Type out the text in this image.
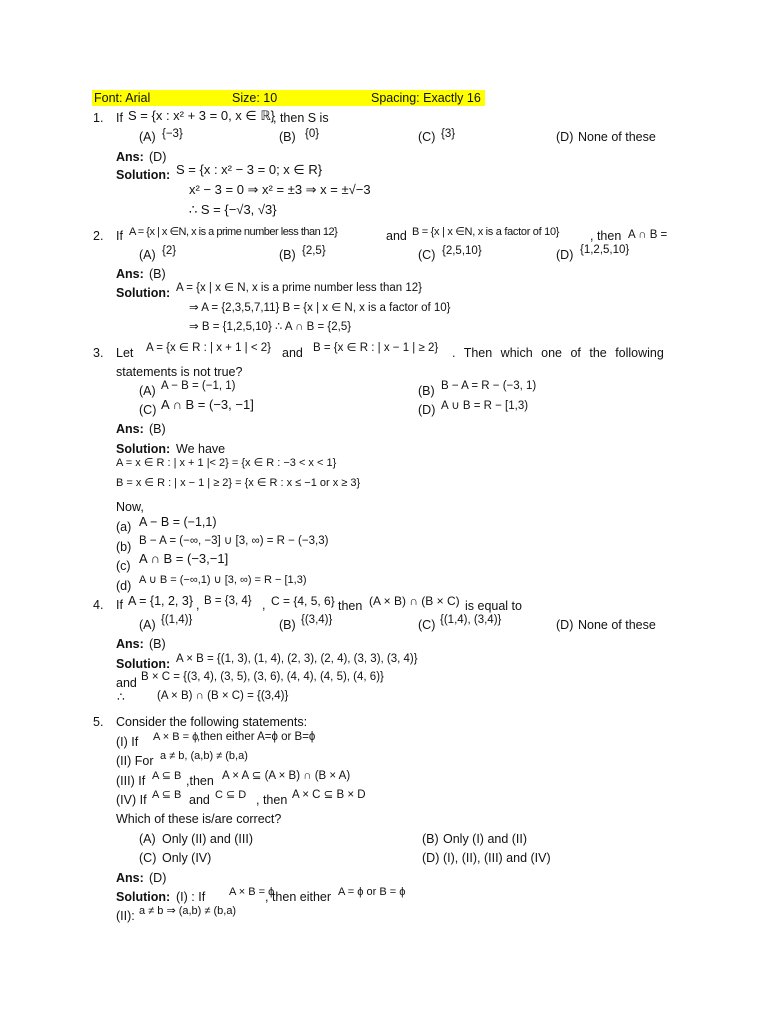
Font: Arial	Size: 10	Spacing: Exactly 16
1. If S = {x : x² + 3 = 0, x ∈ ℝ}
, then S is
(A) {−3}	(B) {0}	(C) {3}	(D) None of these
Ans: (D)
Solution: S = {x : x² − 3 = 0; x ∈ R}
x² − 3 = 0 ⇒ x² = ±3 ⇒ x = ±√−3
∴ S = {−√3, √3}
2. If A = {x | x ∈N, x is a prime number less than 12}	and B = {x | x ∈N, x is a factor of 10} , then A ∩ B =
(A) {2}	(B) {2,5}	(C) {2,5,10}	(D) {1,2,5,10}
Ans: (B)
Solution: A = {x | x ∈ N, x is a prime number less than 12}
⇒ A = {2,3,5,7,11} B = {x | x ∈ N, x is a factor of 10}
⇒ B = {1,2,5,10} ∴ A ∩ B = {2,5}
3. Let A = {x ∈ R : | x + 1 | < 2} and B = {x ∈ R : | x − 1 | ≥ 2} . Then which one of the following
statements is not true?
(A) A − B = (−1, 1)	(B) B − A = R − (−3, 1)
(C) A ∩ B = (−3, −1]	(D) A ∪ B = R − [1,3)
Ans: (B)
Solution: We have
A = x ∈ R : | x + 1 |< 2} = {x ∈ R : −3 < x < 1}
B = x ∈ R : | x − 1 | ≥ 2} = {x ∈ R : x ≤ −1 or x ≥ 3}
Now,
(a) A − B = (−1,1)
(b) B − A = (−∞, −3] ∪ [3, ∞) = R − (−3,3)
(c) A ∩ B = (−3,−1]
(d) A ∪ B = (−∞,1) ∪ [3, ∞) = R − [1,3)
4. If A = {1, 2, 3} , B = {3, 4} , C = {4, 5, 6} then (A × B) ∩ (B × C) is equal to
(A) {(1,4)}	(B) {(3,4)}	(C) {(1,4), (3,4)}	(D) None of these
Ans: (B)
Solution: A × B = {(1, 3), (1, 4), (2, 3), (2, 4), (3, 3), (3, 4)}
and B × C = {(3, 4), (3, 5), (3, 6), (4, 4), (4, 5), (4, 6)}
∴	(A × B) ∩ (B × C) = {(3,4)}
5. Consider the following statements:
(I) If A × B = ϕ
,then either A=ϕ or B=ϕ
(II) For a ≠ b, (a,b) ≠ (b,a)
(III) If A ⊆ B ,then A × A ⊆ (A × B) ∩ (B × A)
(IV) If A ⊆ B and C ⊆ D , then A × C ⊆ B × D
Which of these is/are correct?
(A) Only (II) and (III)	(B) Only (I) and (II)
(C) Only (IV)	(D) (I), (II), (III) and (IV)
Ans: (D)
Solution: (I) : If A × B = ϕ
, then either A = ϕ or B = ϕ
(II): a ≠ b ⇒ (a,b) ≠ (b,a)
